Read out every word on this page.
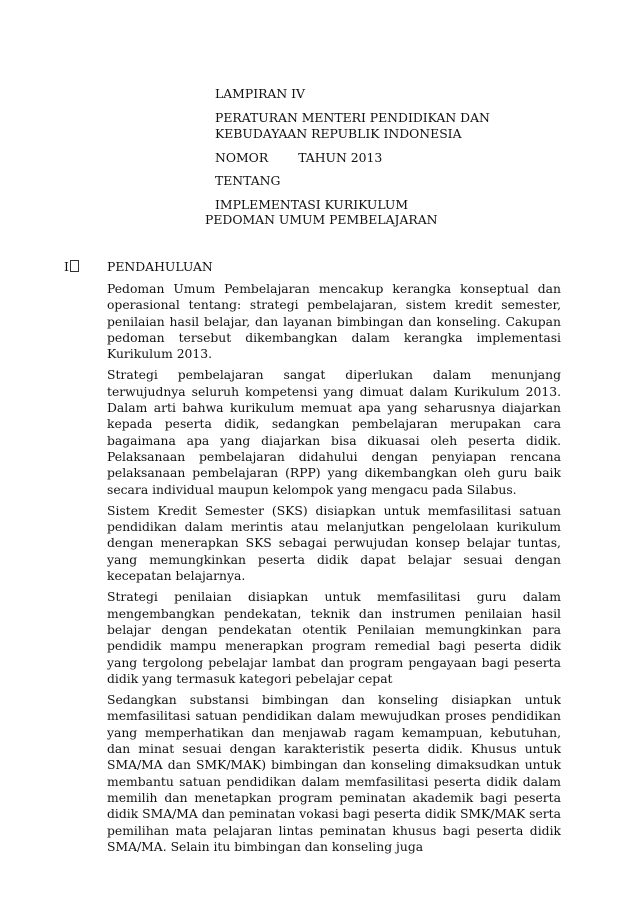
LAMPIRAN IV
PERATURAN MENTERI PENDIDIKAN DAN
KEBUDAYAAN REPUBLIK INDONESIA
NOMOR TAHUN 2013
TENTANG
IMPLEMENTASI KURIKULUM
PEDOMAN UMUM PEMBELAJARAN
I	PENDAHULUAN

Pedoman Umum Pembelajaran mencakup kerangka konseptual dan operasional tentang: strategi pembelajaran, sistem kredit semester, penilaian hasil belajar, dan layanan bimbingan dan konseling. Cakupan pedoman tersebut dikembangkan dalam kerangka implementasi Kurikulum 2013.

Strategi pembelajaran sangat diperlukan dalam menunjang terwujudnya seluruh kompetensi yang dimuat dalam Kurikulum 2013. Dalam arti bahwa kurikulum memuat apa yang seharusnya diajarkan kepada peserta didik, sedangkan pembelajaran merupakan cara bagaimana apa yang diajarkan bisa dikuasai oleh peserta didik. Pelaksanaan pembelajaran didahului dengan penyiapan rencana pelaksanaan pembelajaran (RPP) yang dikembangkan oleh guru baik secara individual maupun kelompok yang mengacu pada Silabus.

Sistem Kredit Semester (SKS) disiapkan untuk memfasilitasi satuan pendidikan dalam merintis atau melanjutkan pengelolaan kurikulum dengan menerapkan SKS sebagai perwujudan konsep belajar tuntas, yang memungkinkan peserta didik dapat belajar sesuai dengan kecepatan belajarnya.

Strategi penilaian disiapkan untuk memfasilitasi guru dalam mengembangkan pendekatan, teknik dan instrumen penilaian hasil belajar dengan pendekatan otentik Penilaian memungkinkan para pendidik mampu menerapkan program remedial bagi peserta didik yang tergolong pebelajar lambat dan program pengayaan bagi peserta didik yang termasuk kategori pebelajar cepat

Sedangkan substansi bimbingan dan konseling disiapkan untuk memfasilitasi satuan pendidikan dalam mewujudkan proses pendidikan yang memperhatikan dan menjawab ragam kemampuan, kebutuhan, dan minat sesuai dengan karakteristik peserta didik. Khusus untuk SMA/MA dan SMK/MAK) bimbingan dan konseling dimaksudkan untuk membantu satuan pendidikan dalam memfasilitasi peserta didik dalam memilih dan menetapkan program peminatan akademik bagi peserta didik SMA/MA dan peminatan vokasi bagi peserta didik SMK/MAK serta pemilihan mata pelajaran lintas peminatan khusus bagi peserta didik SMA/MA. Selain itu bimbingan dan konseling juga
